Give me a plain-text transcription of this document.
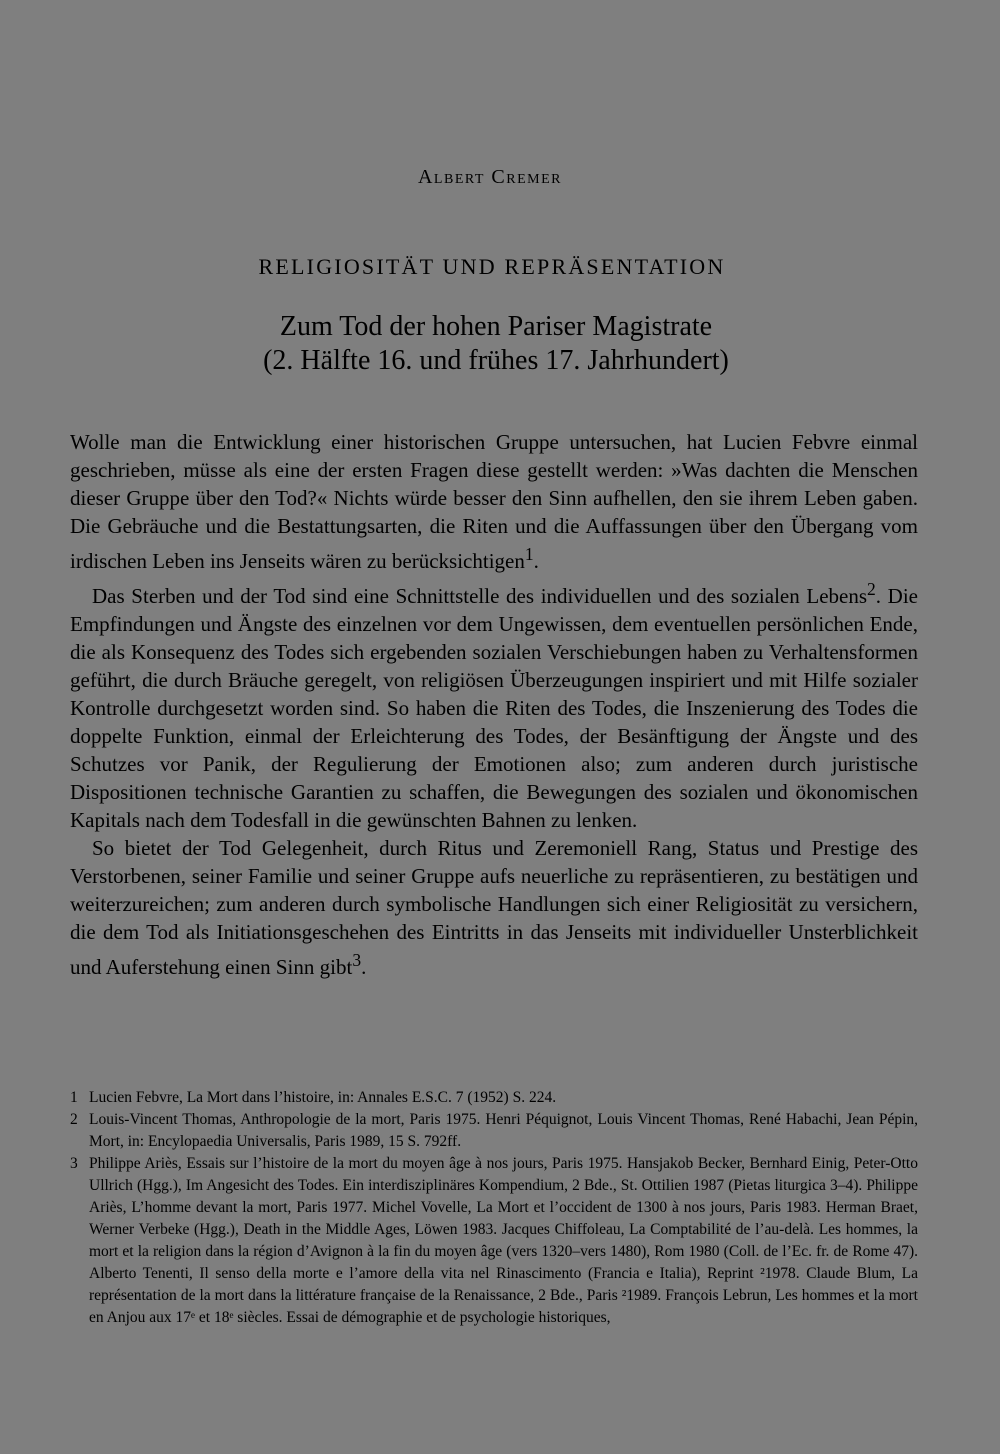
Albert Cremer
RELIGIOSITÄT UND REPRÄSENTATION
Zum Tod der hohen Pariser Magistrate
(2. Hälfte 16. und frühes 17. Jahrhundert)

Wolle man die Entwicklung einer historischen Gruppe untersuchen, hat Lucien Febvre einmal geschrieben, müsse als eine der ersten Fragen diese gestellt werden: »Was dachten die Menschen dieser Gruppe über den Tod?« Nichts würde besser den Sinn aufhellen, den sie ihrem Leben gaben. Die Gebräuche und die Bestattungsarten, die Riten und die Auffassungen über den Übergang vom irdischen Leben ins Jenseits wären zu berücksichtigen$^1$.

Das Sterben und der Tod sind eine Schnittstelle des individuellen und des sozialen Lebens$^2$. Die Empfindungen und Ängste des einzelnen vor dem Ungewissen, dem eventuellen persönlichen Ende, die als Konsequenz des Todes sich ergebenden sozialen Verschiebungen haben zu Verhaltensformen geführt, die durch Bräuche geregelt, von religiösen Überzeugungen inspiriert und mit Hilfe sozialer Kontrolle durchgesetzt worden sind. So haben die Riten des Todes, die Inszenierung des Todes die doppelte Funktion, einmal der Erleichterung des Todes, der Besänftigung der Ängste und des Schutzes vor Panik, der Regulierung der Emotionen also; zum anderen durch juristische Dispositionen technische Garantien zu schaffen, die Bewegungen des sozialen und ökonomischen Kapitals nach dem Todesfall in die gewünschten Bahnen zu lenken.

So bietet der Tod Gelegenheit, durch Ritus und Zeremoniell Rang, Status und Prestige des Verstorbenen, seiner Familie und seiner Gruppe aufs neuerliche zu repräsentieren, zu bestätigen und weiterzureichen; zum anderen durch symbolische Handlungen sich einer Religiosität zu versichern, die dem Tod als Initiationsgeschehen des Eintritts in das Jenseits mit individueller Unsterblichkeit und Auferstehung einen Sinn gibt$^3$.

1 Lucien Febvre, La Mort dans l’histoire, in: Annales E.S.C. 7 (1952) S. 224.
2 Louis-Vincent Thomas, Anthropologie de la mort, Paris 1975. Henri Péquignot, Louis Vincent Thomas, René Habachi, Jean Pépin, Mort, in: Encylopaedia Universalis, Paris 1989, 15 S. 792ff.
3 Philippe Ariès, Essais sur l’histoire de la mort du moyen âge à nos jours, Paris 1975. Hansjakob Becker, Bernhard Einig, Peter-Otto Ullrich (Hgg.), Im Angesicht des Todes. Ein interdisziplinäres Kompendium, 2 Bde., St. Ottilien 1987 (Pietas liturgica 3–4). Philippe Ariès, L’homme devant la mort, Paris 1977. Michel Vovelle, La Mort et l’occident de 1300 à nos jours, Paris 1983. Herman Braet, Werner Verbeke (Hgg.), Death in the Middle Ages, Löwen 1983. Jacques Chiffoleau, La Comptabilité de l’au-delà. Les hommes, la mort et la religion dans la région d’Avignon à la fin du moyen âge (vers 1320–vers 1480), Rom 1980 (Coll. de l’Ec. fr. de Rome 47). Alberto Tenenti, Il senso della morte e l’amore della vita nel Rinascimento (Francia e Italia), Reprint ²1978. Claude Blum, La représentation de la mort dans la littérature française de la Renaissance, 2 Bde., Paris ²1989. François Lebrun, Les hommes et la mort en Anjou aux 17ᵉ et 18ᵉ siècles. Essai de démographie et de psychologie historiques,
